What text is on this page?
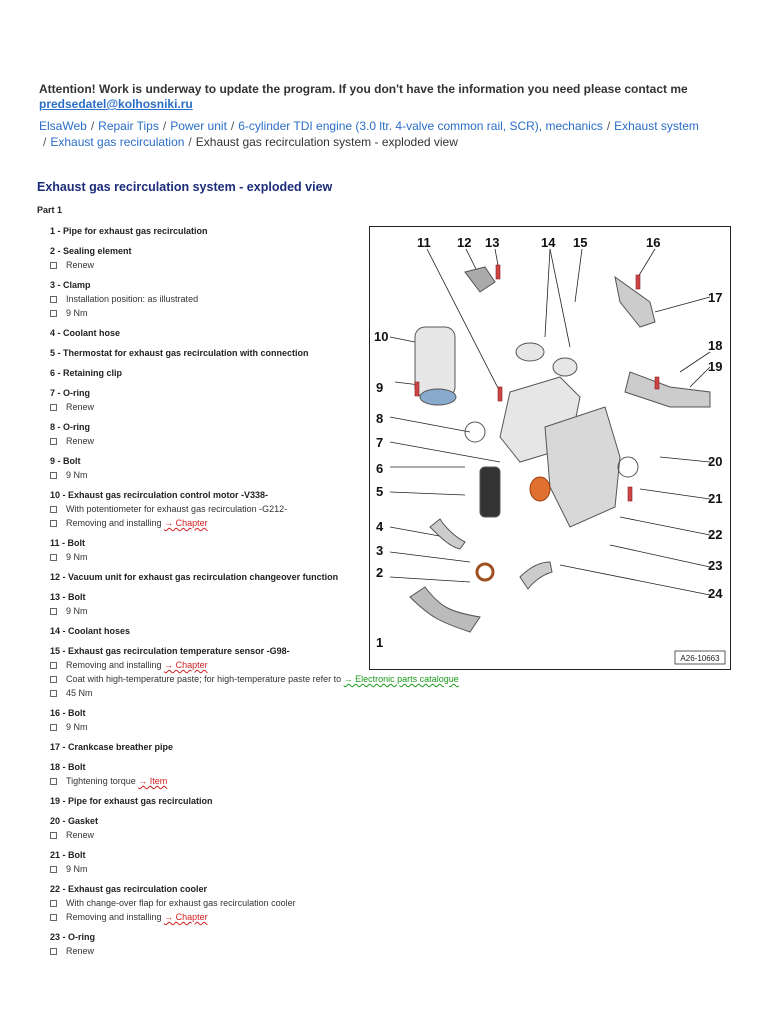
Attention! Work is underway to update the program. If you don't have the information you need please contact me
predsedatel@kolhosniki.ru
ElsaWeb / Repair Tips / Power unit / 6-cylinder TDI engine (3.0 ltr. 4-valve common rail, SCR), mechanics / Exhaust system
/ Exhaust gas recirculation / Exhaust gas recirculation system - exploded view
Exhaust gas recirculation system - exploded view
Part 1
1 - Pipe for exhaust gas recirculation
2 - Sealing element
Renew
3 - Clamp
Installation position: as illustrated
9 Nm
4 - Coolant hose
5 - Thermostat for exhaust gas recirculation with connection
6 - Retaining clip
7 - O-ring
Renew
8 - O-ring
Renew
9 - Bolt
9 Nm
10 - Exhaust gas recirculation control motor -V338-
With potentiometer for exhaust gas recirculation -G212-
Removing and installing → Chapter
11 - Bolt
9 Nm
12 - Vacuum unit for exhaust gas recirculation changeover function
13 - Bolt
9 Nm
14 - Coolant hoses
15 - Exhaust gas recirculation temperature sensor -G98-
Removing and installing → Chapter
Coat with high-temperature paste; for high-temperature paste refer to → Electronic parts catalogue
45 Nm
16 - Bolt
9 Nm
17 - Crankcase breather pipe
18 - Bolt
Tightening torque → Item
19 - Pipe for exhaust gas recirculation
20 - Gasket
Renew
21 - Bolt
9 Nm
22 - Exhaust gas recirculation cooler
With change-over flap for exhaust gas recirculation cooler
Removing and installing → Chapter
23 - O-ring
Renew
11 12 13	14 15	16
17
18
19
20
21
22
23
24
10
9
8
7
6
5
4
3
2
1
A26-10663
